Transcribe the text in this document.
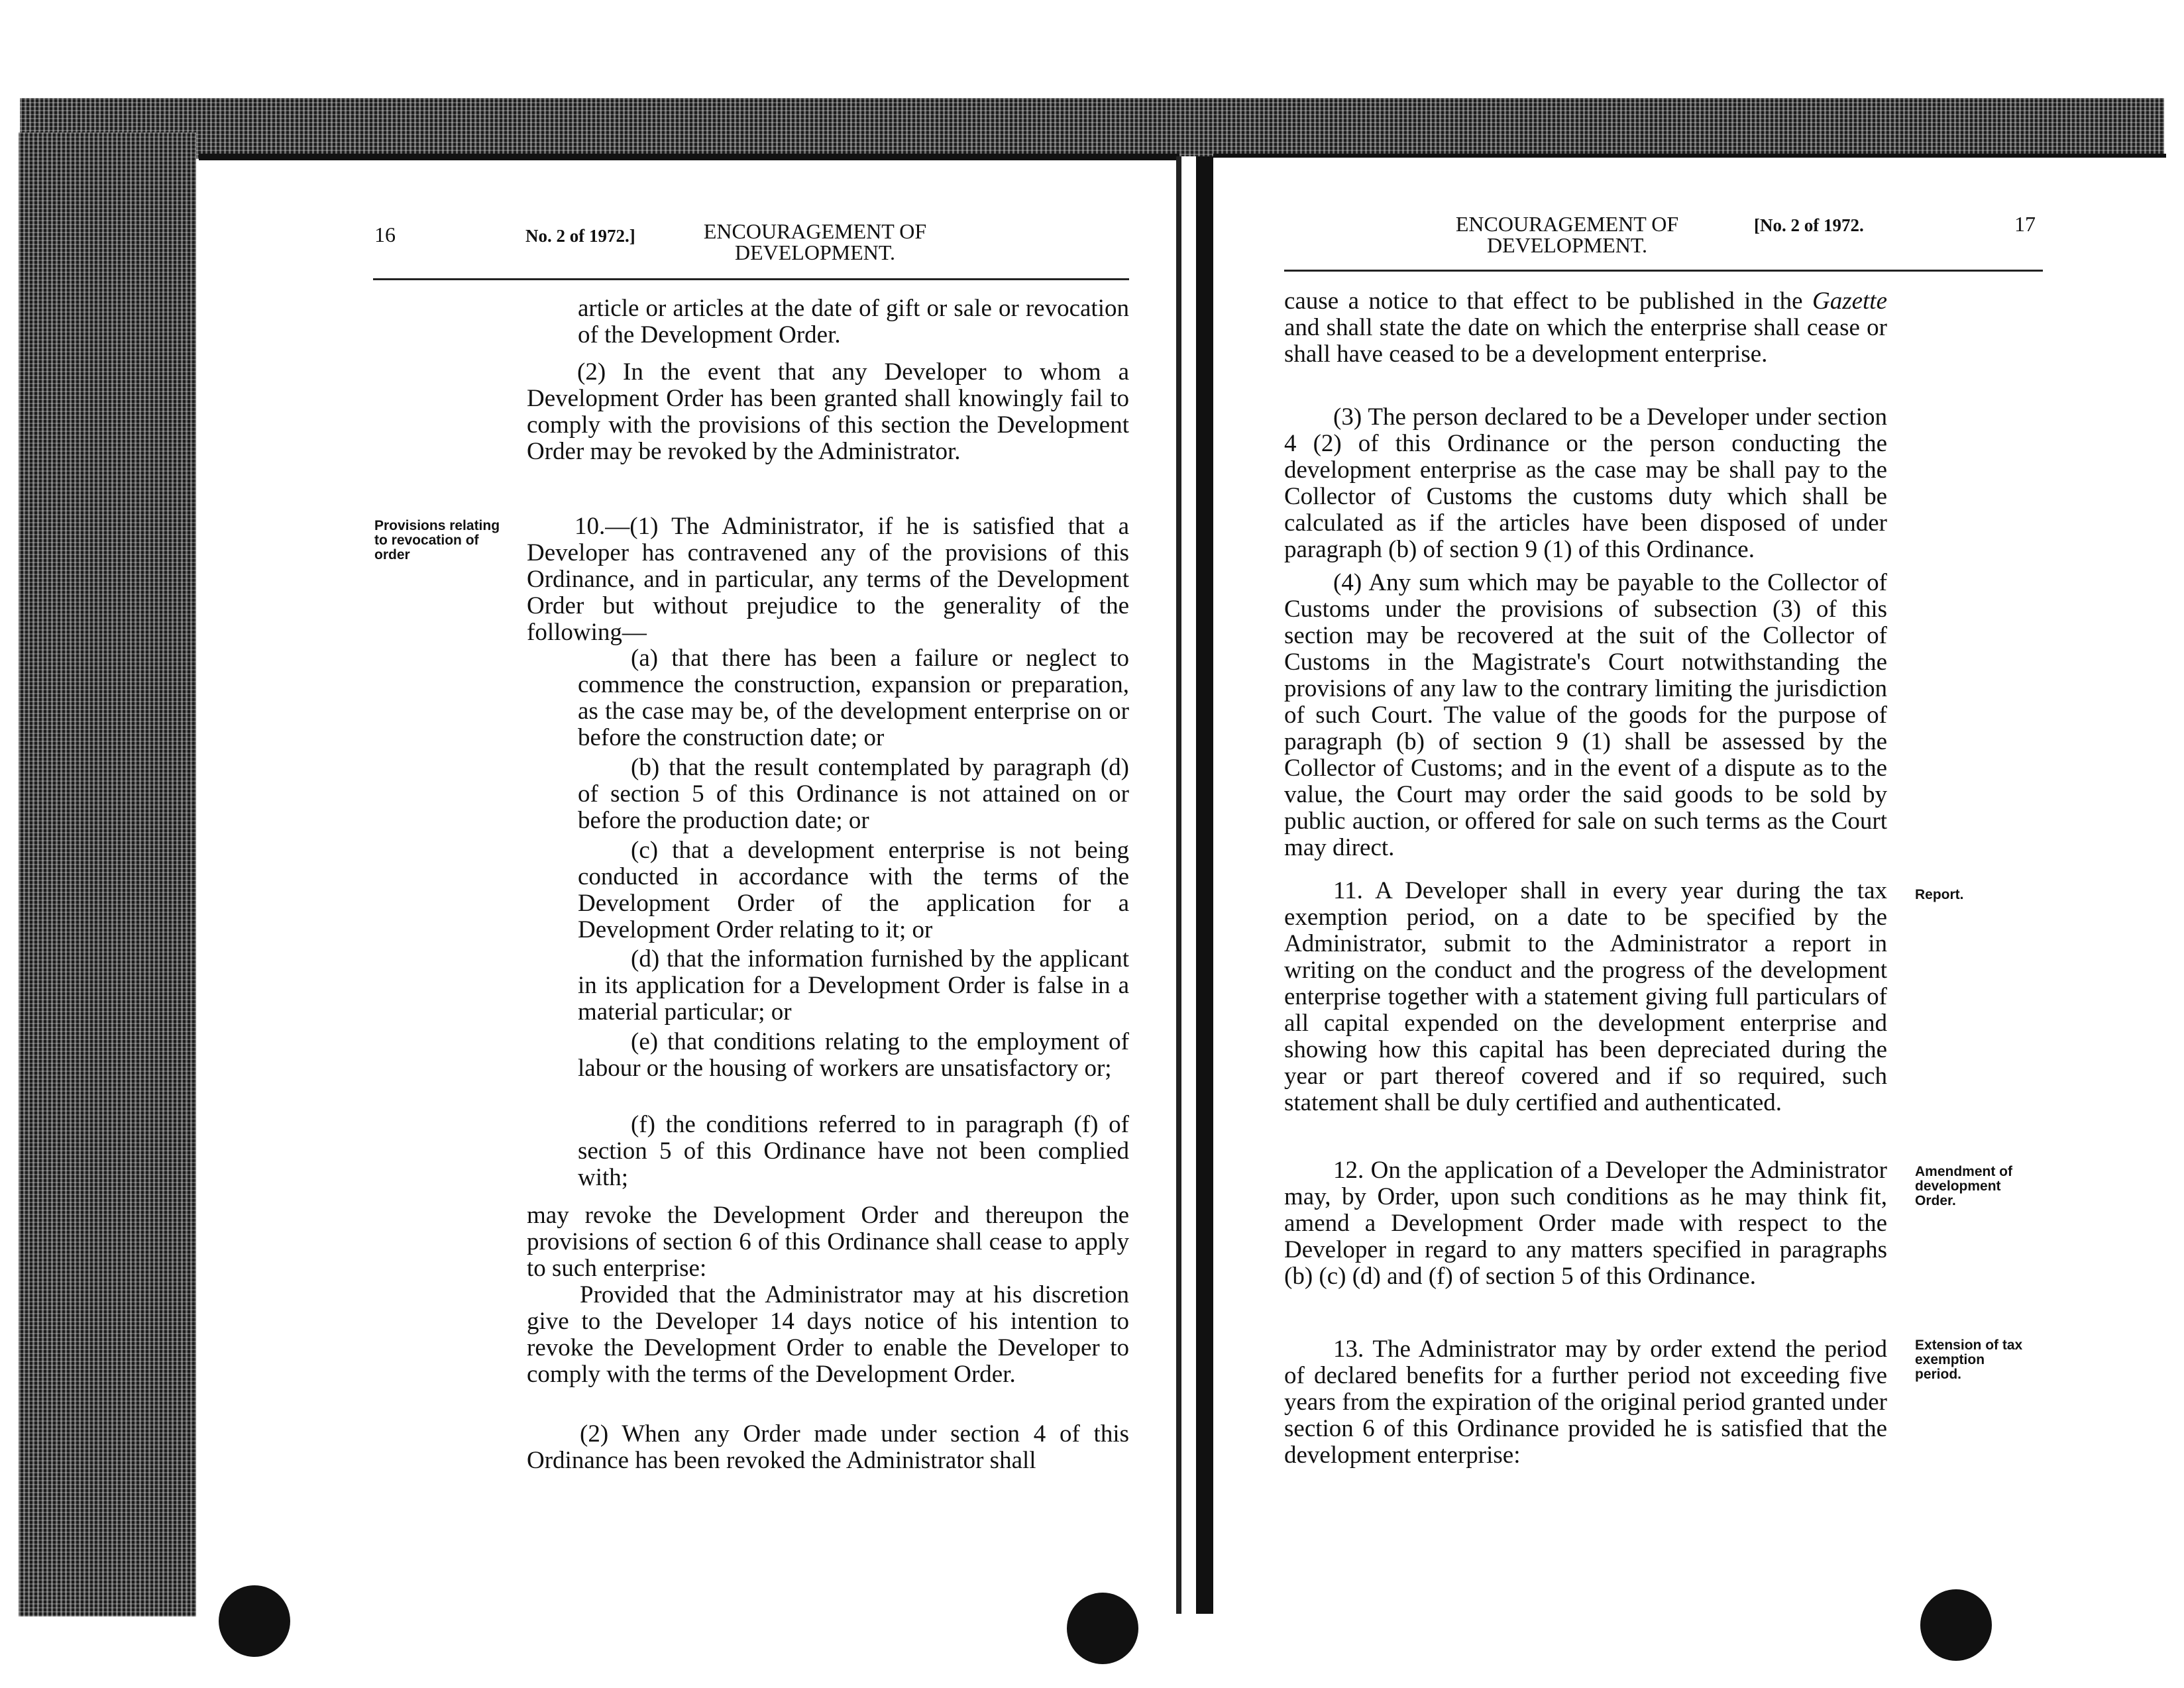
16	No. 2 of 1972.]	ENCOURAGEMENT OF
DEVELOPMENT.
Provisions relating to revocation of order

article or articles at the date of gift or sale or revocation of the Development Order.

(2) In the event that any Developer to whom a Development Order has been granted shall knowingly fail to comply with the provisions of this section the Development Order may be revoked by the Administrator.

10.—(1) The Administrator, if he is satisfied that a Developer has contravened any of the provisions of this Ordinance, and in particular, any terms of the Development Order but without prejudice to the generality of the following—

(a) that there has been a failure or neglect to commence the construction, expansion or preparation, as the case may be, of the development enterprise on or before the construction date; or

(b) that the result contemplated by paragraph (d) of section 5 of this Ordinance is not attained on or before the production date; or

(c) that a development enterprise is not being conducted in accordance with the terms of the Development Order of the application for a Development Order relating to it; or

(d) that the information furnished by the applicant in its application for a Development Order is false in a material particular; or

(e) that conditions relating to the employment of labour or the housing of workers are unsatisfactory or;

(f) the conditions referred to in paragraph (f) of section 5 of this Ordinance have not been complied with;

may revoke the Development Order and thereupon the provisions of section 6 of this Ordinance shall cease to apply to such enterprise:

Provided that the Administrator may at his discretion give to the Developer 14 days notice of his intention to revoke the Development Order to enable the Developer to comply with the terms of the Development Order.

(2) When any Order made under section 4 of this Ordinance has been revoked the Administrator shall

ENCOURAGEMENT OF
DEVELOPMENT.
[No. 2 of 1972.	17

cause a notice to that effect to be published in the Gazette and shall state the date on which the enterprise shall cease or shall have ceased to be a development enterprise.

(3) The person declared to be a Developer under section 4 (2) of this Ordinance or the person conducting the development enterprise as the case may be shall pay to the Collector of Customs the customs duty which shall be calculated as if the articles have been disposed of under paragraph (b) of section 9 (1) of this Ordinance.

(4) Any sum which may be payable to the Collector of Customs under the provisions of subsection (3) of this section may be recovered at the suit of the Collector of Customs in the Magistrate's Court notwithstanding the provisions of any law to the contrary limiting the jurisdiction of such Court. The value of the goods for the purpose of paragraph (b) of section 9 (1) shall be assessed by the Collector of Customs; and in the event of a dispute as to the value, the Court may order the said goods to be sold by public auction, or offered for sale on such terms as the Court may direct.

11. A Developer shall in every year during the tax exemption period, on a date to be specified by the Administrator, submit to the Administrator a report in writing on the conduct and the progress of the development enterprise together with a statement giving full particulars of all capital expended on the development enterprise and showing how this capital has been depreciated during the year or part thereof covered and if so required, such statement shall be duly certified and authenticated.

12. On the application of a Developer the Administrator may, by Order, upon such conditions as he may think fit, amend a Development Order made with respect to the Developer in regard to any matters specified in paragraphs (b) (c) (d) and (f) of section 5 of this Ordinance.

13. The Administrator may by order extend the period of declared benefits for a further period not exceeding five years from the expiration of the original period granted under section 6 of this Ordinance provided he is satisfied that the development enterprise:

Report.
Amendment of development Order.
Extension of tax exemption period.
